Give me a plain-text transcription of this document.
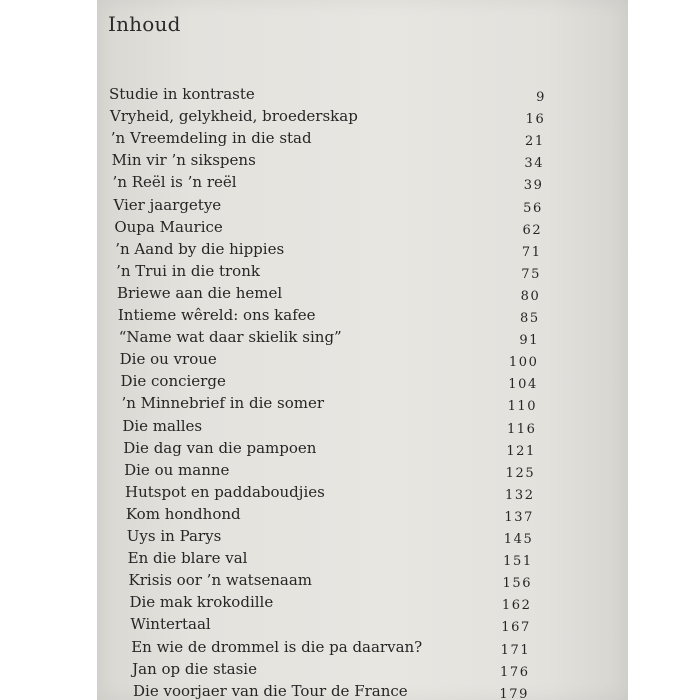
Inhoud
Studie in kontraste	9
Vryheid, gelykheid, broederskap	16
’n Vreemdeling in die stad	21
Min vir ’n sikspens	34
’n Reël is ’n reël	39
Vier jaargetye	56
Oupa Maurice	62
’n Aand by die hippies	71
’n Trui in die tronk	75
Briewe aan die hemel	80
Intieme wêreld: ons kafee	85
“Name wat daar skielik sing”	91
Die ou vroue	100
Die concierge	104
’n Minnebrief in die somer	110
Die malles	116
Die dag van die pampoen	121
Die ou manne	125
Hutspot en paddaboudjies	132
Kom hondhond	137
Uys in Parys	145
En die blare val	151
Krisis oor ’n watsenaam	156
Die mak krokodille	162
Wintertaal	167
En wie de drommel is die pa daarvan?	171
Jan op die stasie	176
Die voorjaer van die Tour de France	179
